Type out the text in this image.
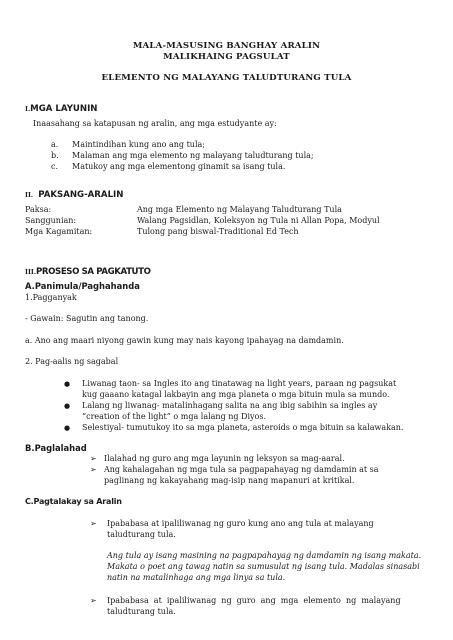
MALA-MASUSING BANGHAY ARALIN
MALIKHAING PAGSULAT
ELEMENTO NG MALAYANG TALUDTURANG TULA
I.MGA LAYUNIN
Inaasahang sa katapusan ng aralin, ang mga estudyante ay:
a. Maintindihan kung ano ang tula;
b. Malaman ang mga elemento ng malayang taludturang tula;
c. Matukoy ang mga elementong ginamit sa isang tula.
II. PAKSANG-ARALIN
Paksa:	Ang mga Elemento ng Malayang Taludturang Tula
Sanggunian:	Walang Pagsidlan, Koleksyon ng Tula ni Allan Popa, Modyul
Mga Kagamitan:	Tulong pang biswal-Traditional Ed Tech
III.PROSESO SA PAGKATUTO
A.Panimula/Paghahanda
1.Pagganyak
- Gawain: Sagutin ang tanong.
a. Ano ang maari niyong gawin kung may nais kayong ipahayag na damdamin.
2. Pag-aalis ng sagabal
● Liwanag taon- sa Ingles ito ang tinatawag na light years, paraan ng pagsukat
kug gaaano katagal lakbayin ang mga planeta o mga bituin mula sa mundo.
● Lalang ng liwanag- matalinhagang salita na ang ibig sabihin sa ingles ay
“creation of the light” o mga lalang ng Diyos.
● Selestiyal- tumutukoy ito sa mga planeta, asteroids o mga bituin sa kalawakan.
B.Paglalahad
➢ Ilalahad ng guro ang mga layunin ng leksyon sa mag-aaral.
➢ Ang kahalagahan ng mga tula sa pagpapahayag ng damdamin at sa
paglinang ng kakayahang mag-isip nang mapanuri at kritikal.
C.Pagtalakay sa Aralin
➢ Ipababasa at ipaliliwanag ng guro kung ano ang tula at malayang
taludturang tula.
Ang tula ay isang masining na pagpapahayag ng damdamin ng isang makata.
Makata o poet ang tawag natin sa sumusulat ng isang tula. Madalas sinasabi
natin na matalinhaga ang mga linya sa tula.
➢ Ipababasa  at  ipaliliwanag  ng  guro  ang  mga  elemento  ng  malayang
taludturang tula.
